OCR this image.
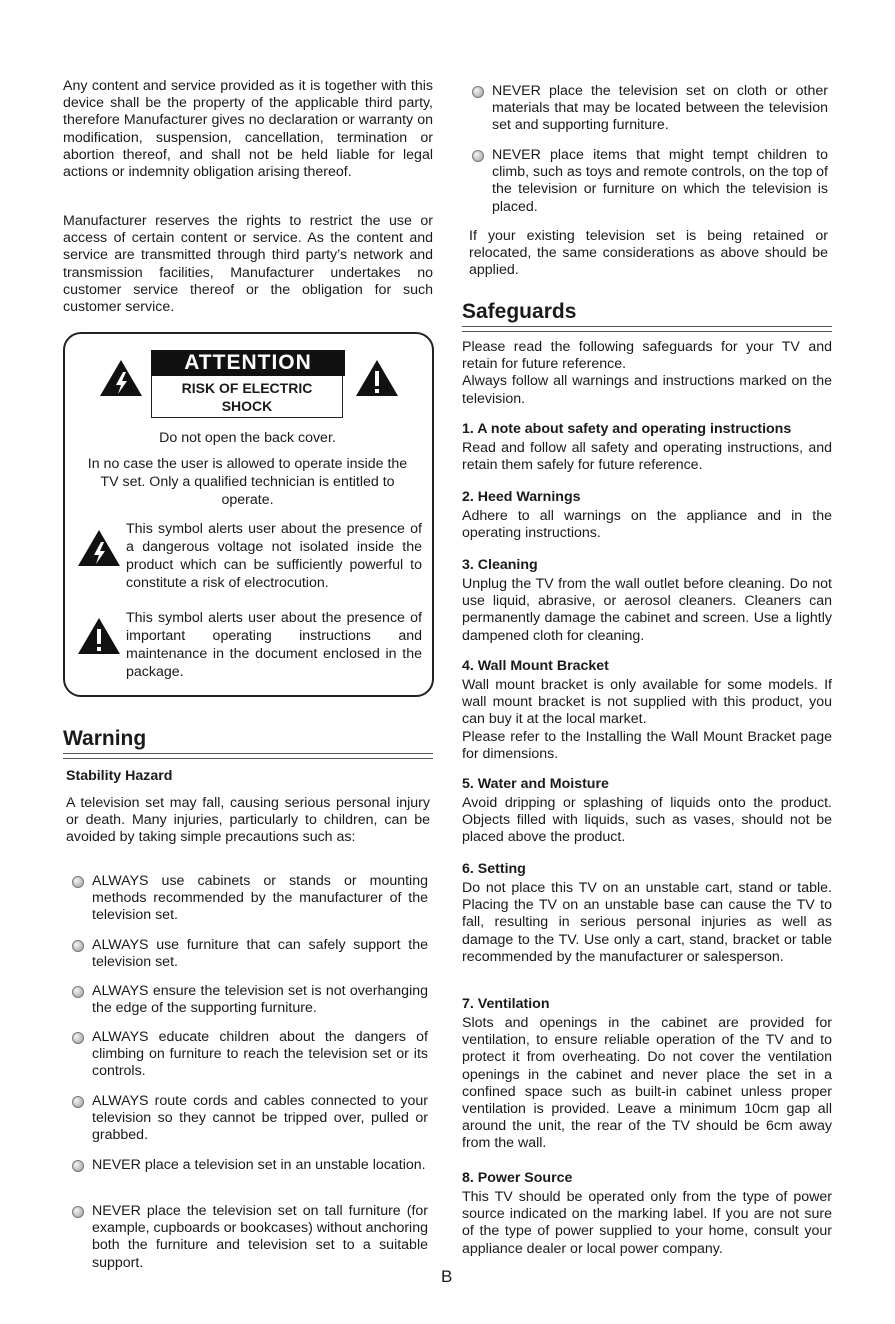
Any content and service provided as it is together with this device shall be the property of the applicable third party, therefore Manufacturer gives no declaration or warranty on modification, suspension, cancellation, termination or abortion thereof, and shall not be held liable for legal actions or indemnity obligation arising thereof.

Manufacturer reserves the rights to restrict the use or access of certain content or service. As the content and service are transmitted through third party’s network and transmission facilities, Manufacturer undertakes no customer service thereof or the obligation for such customer service.

ATTENTION
RISK OF ELECTRIC
SHOCK

Do not open the back cover.

In no case the user is allowed to operate inside the TV set. Only a qualified technician is entitled to operate.

This symbol alerts user about the presence of a dangerous voltage not isolated inside the product which can be sufficiently powerful to constitute a risk of electrocution.

This symbol alerts user about the presence of important operating instructions and maintenance in the document enclosed in the package.

Warning
Stability Hazard

A television set may fall, causing serious personal injury or death. Many injuries, particularly to children, can be avoided by taking simple precautions such as:

ALWAYS use cabinets or stands or mounting methods recommended by the manufacturer of the television set.

ALWAYS use furniture that can safely support the television set.

ALWAYS ensure the television set is not overhanging the edge of the supporting furniture.

ALWAYS educate children about the dangers of climbing on furniture to reach the television set or its controls.

ALWAYS route cords and cables connected to your television so they cannot be tripped over, pulled or grabbed.

NEVER place a television set in an unstable location.

NEVER place the television set on tall furniture (for example, cupboards or bookcases) without anchoring both the furniture and television set to a suitable support.

NEVER place the television set on cloth or other materials that may be located between the television set and supporting furniture.

NEVER place items that might tempt children to climb, such as toys and remote controls, on the top of the television or furniture on which the television is placed.

If your existing television set is being retained or relocated, the same considerations as above should be applied.

Safeguards

Please read the following safeguards for your TV and retain for future reference.
Always follow all warnings and instructions marked on the television.

1. A note about safety and operating instructions

Read and follow all safety and operating instructions, and retain them safely for future reference.

2. Heed Warnings

Adhere to all warnings on the appliance and in the operating instructions.

3. Cleaning

Unplug the TV from the wall outlet before cleaning. Do not use liquid, abrasive, or aerosol cleaners. Cleaners can permanently damage the cabinet and screen. Use a lightly dampened cloth for cleaning.

4. Wall Mount Bracket

Wall mount bracket is only available for some models. If wall mount bracket is not supplied with this product, you can buy it at the local market.
Please refer to the Installing the Wall Mount Bracket page for dimensions.

5. Water and Moisture

Avoid dripping or splashing of liquids onto the product. Objects filled with liquids, such as vases, should not be placed above the product.

6. Setting

Do not place this TV on an unstable cart, stand or table. Placing the TV on an unstable base can cause the TV to fall, resulting in serious personal injuries as well as damage to the TV. Use only a cart, stand, bracket or table recommended by the manufacturer or salesperson.

7. Ventilation

Slots and openings in the cabinet are provided for ventilation, to ensure reliable operation of the TV and to protect it from overheating. Do not cover the ventilation openings in the cabinet and never place the set in a confined space such as built-in cabinet unless proper ventilation is provided. Leave a minimum 10cm gap all around the unit, the rear of the TV should be 6cm away from the wall.

8. Power Source

This TV should be operated only from the type of power source indicated on the marking label. If you are not sure of the type of power supplied to your home, consult your appliance dealer or local power company.

B
